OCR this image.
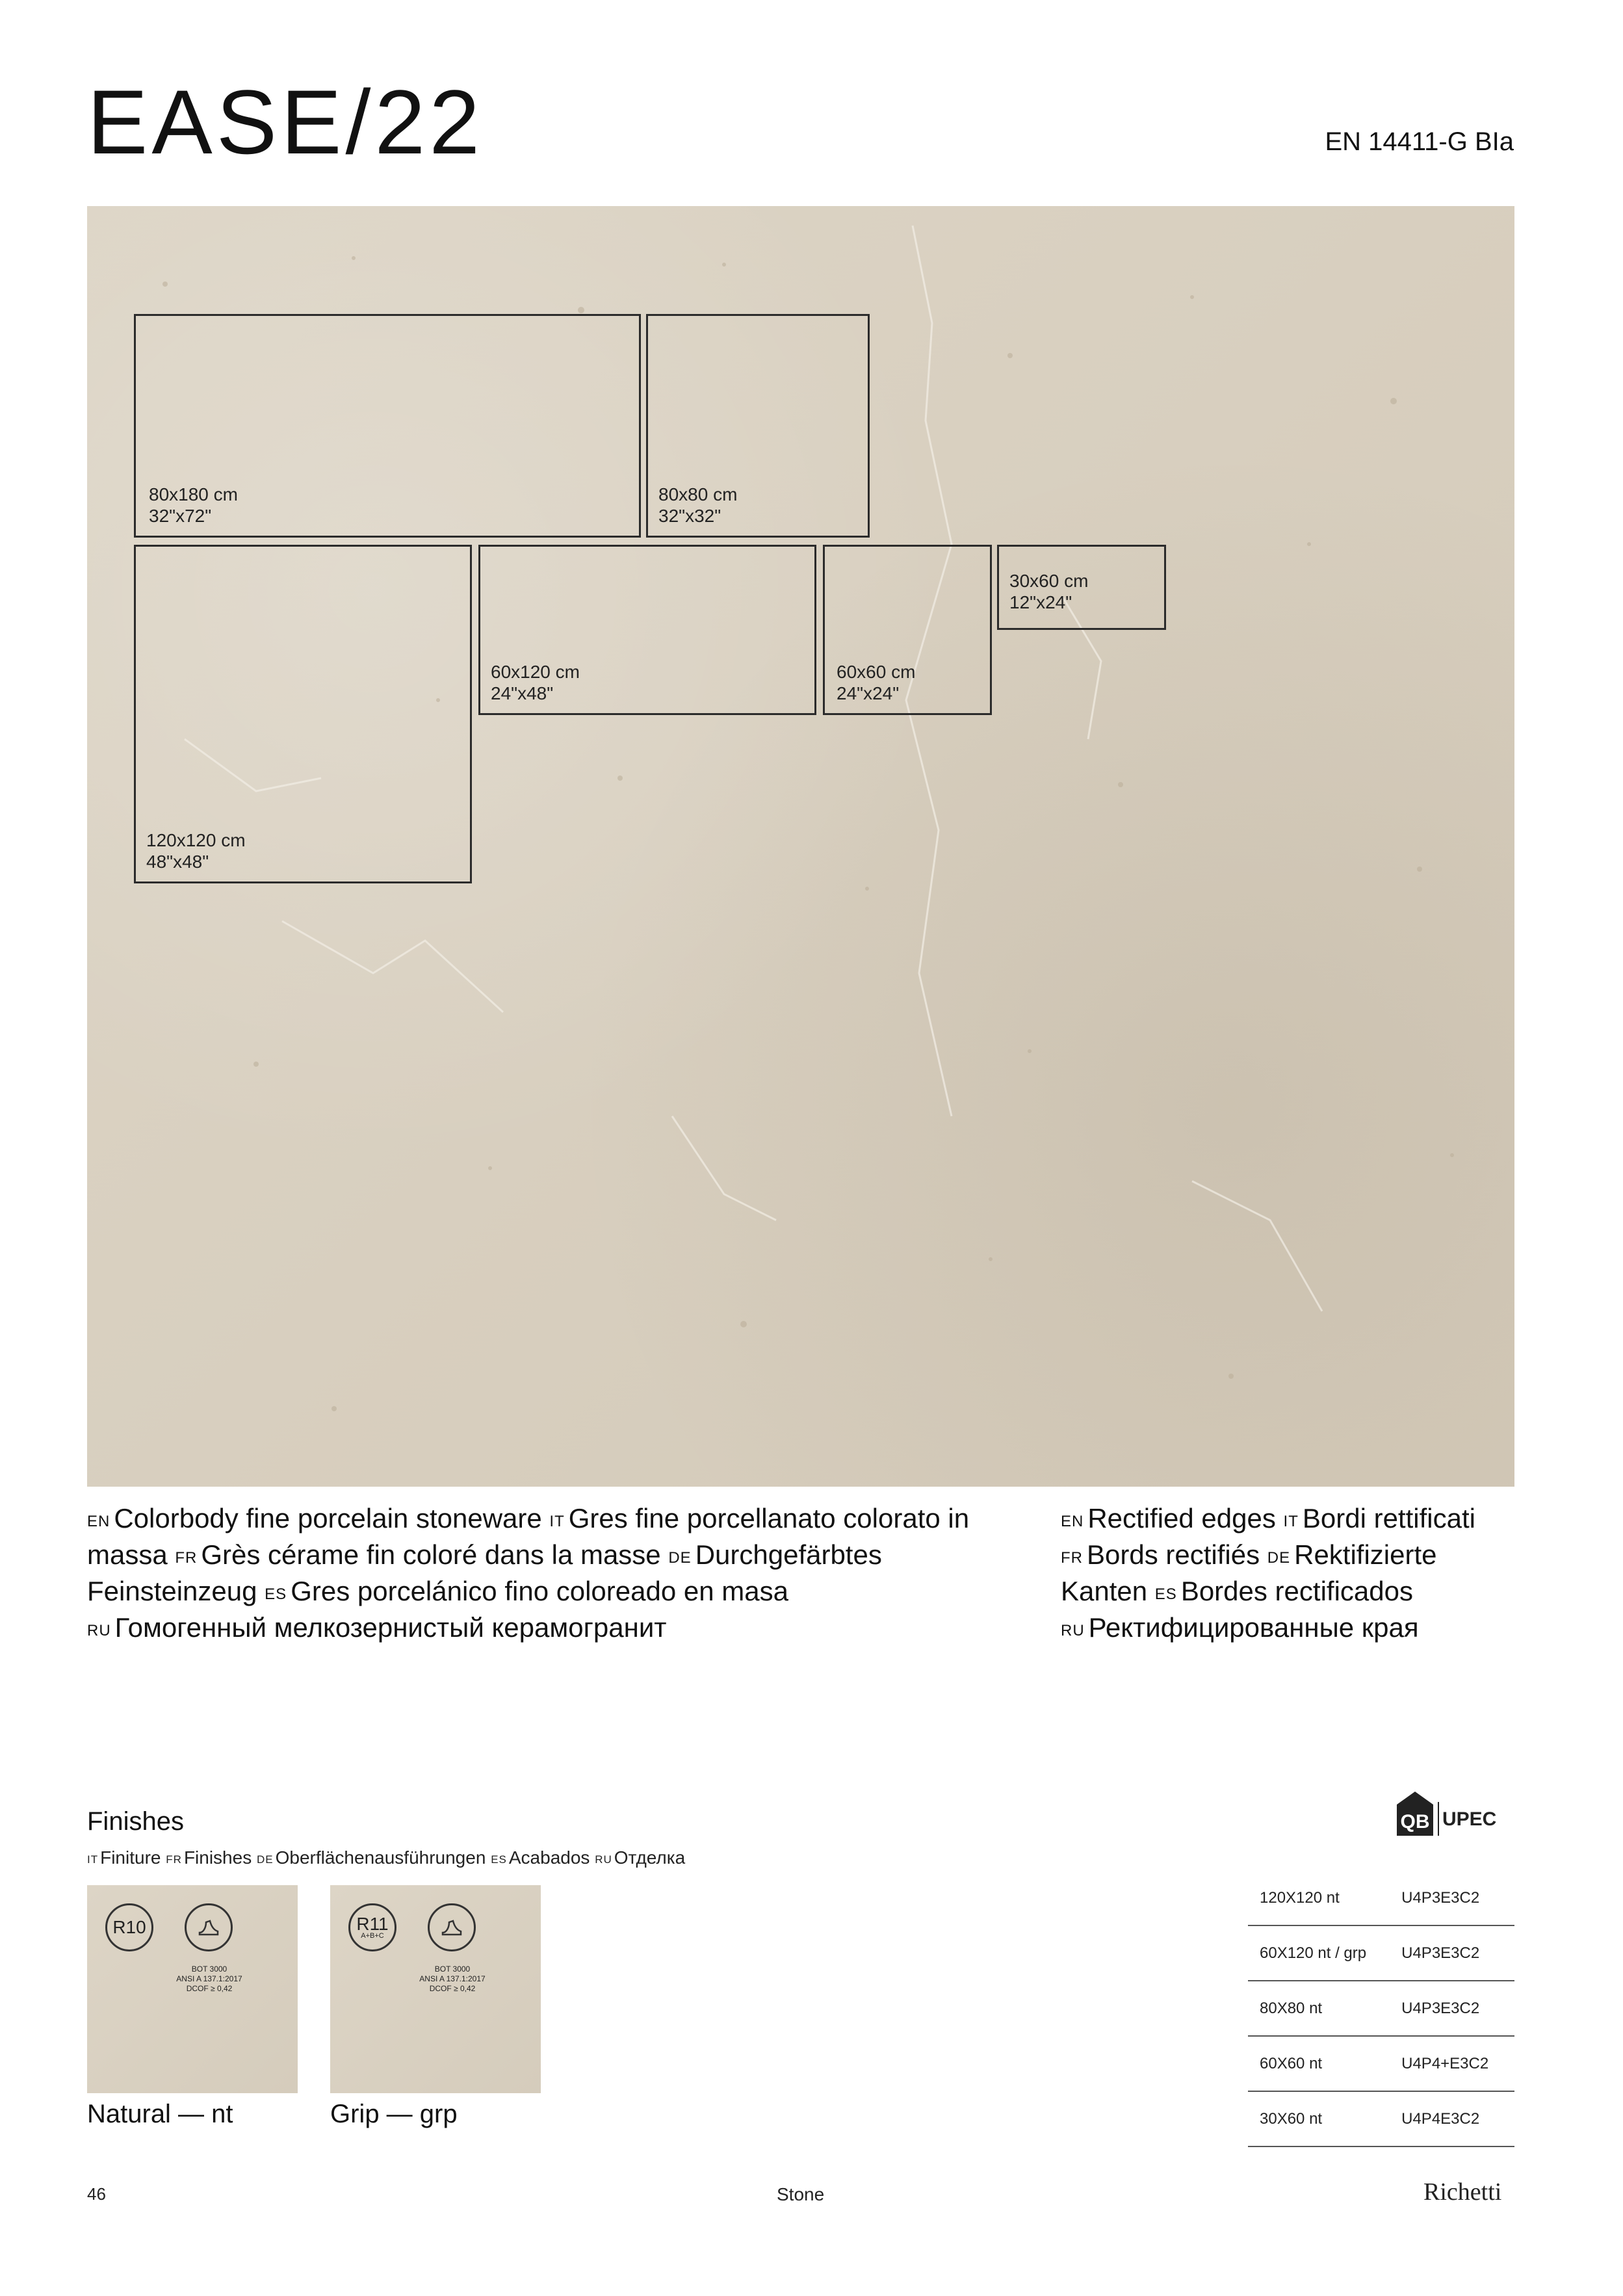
EASE/22	EN 14411-G BIa
80x180 cm
32"x72"
80x80 cm
32"x32"
120x120 cm
48"x48"
60x120 cm
24"x48"
60x60 cm
24"x24"
30x60 cm
12"x24"
EN Colorbody fine porcelain stoneware IT Gres fine porcellanato colorato in massa FR Grès cérame fin coloré dans la masse DE Durchgefärbtes Feinsteinzeug ES Gres porcelánico fino coloreado en masa
RU Гомогенный мелкозернистый керамогранит
EN Rectified edges IT Bordi rettificati
FR Bords rectifiés DE Rektifizierte Kanten ES Bordes rectificados
RU Ректифицированные края
Finishes
IT Finiture FR Finishes DE Oberflächenausführungen ES Acabados RU Отделка
R10
BOT 3000
ANSI A 137.1:2017
DCOF ≥ 0,42
Natural — nt
R11
A+B+C
BOT 3000
ANSI A 137.1:2017
DCOF ≥ 0,42
Grip — grp
QB UPEC
120X120 nt	U4P3E3C2
60X120 nt / grp	U4P3E3C2
80X80 nt	U4P3E3C2
60X60 nt	U4P4+E3C2
30X60 nt	U4P4E3C2
46	Stone	Richetti
